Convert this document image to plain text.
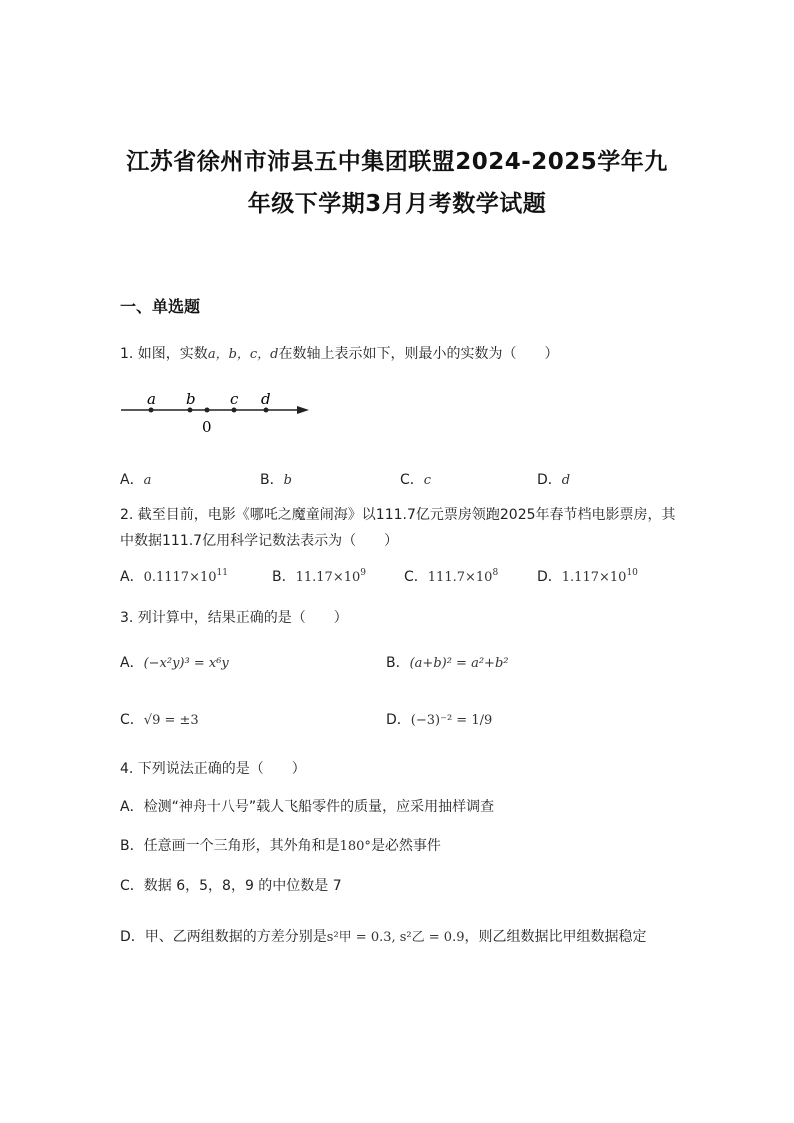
江苏省徐州市沛县五中集团联盟2024-2025学年九
年级下学期3月月考数学试题
一、单选题
1. 如图，实数a，b，c，d在数轴上表示如下，则最小的实数为（　　）
a b c d
0
A．a	B．b	C．c	D．d
2. 截至目前，电影《哪吒之魔童闹海》以111.7亿元票房领跑2025年春节档电影票房，其中数据111.7亿用科学记数法表示为（　　）
A．$0.1117\times 10^{11}$	B．$11.17\times 10^9$	C．$111.7\times 10^8$	D．$1.117\times 10^{10}$
3. 列计算中，结果正确的是（　　）
A．(−x²y)³ = x⁶y	B．(a+b)² = a²+b²
C．√9 = ±3	D．(−3)⁻² = 1/9
4. 下列说法正确的是（　　）
A．检测“神舟十八号”载人飞船零件的质量，应采用抽样调查
B．任意画一个三角形，其外角和是180°是必然事件
C．数据 6，5，8，9 的中位数是 7
D．甲、乙两组数据的方差分别是s²甲 = 0.3, s²乙 = 0.9，则乙组数据比甲组数据稳定
